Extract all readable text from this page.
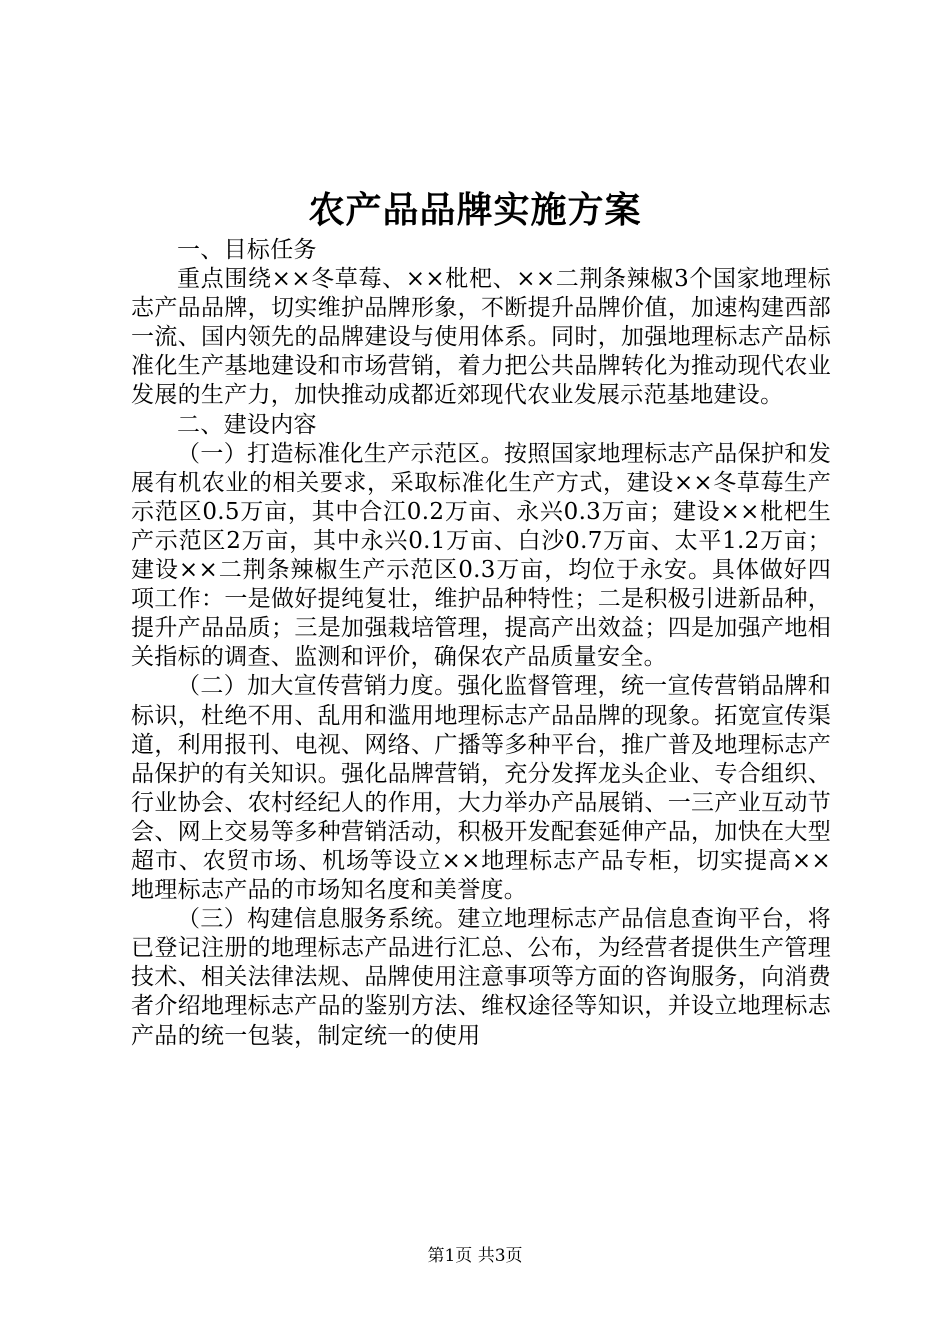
农产品品牌实施方案

一、目标任务

重点围绕××冬草莓、××枇杷、××二荆条辣椒3个国家地理标志产品品牌，切实维护品牌形象，不断提升品牌价值，加速构建西部一流、国内领先的品牌建设与使用体系。同时，加强地理标志产品标准化生产基地建设和市场营销，着力把公共品牌转化为推动现代农业发展的生产力，加快推动成都近郊现代农业发展示范基地建设。

二、建设内容

（一）打造标准化生产示范区。按照国家地理标志产品保护和发展有机农业的相关要求，采取标准化生产方式，建设××冬草莓生产示范区0.5万亩，其中合江0.2万亩、永兴0.3万亩；建设××枇杷生产示范区2万亩，其中永兴0.1万亩、白沙0.7万亩、太平1.2万亩；建设××二荆条辣椒生产示范区0.3万亩，均位于永安。具体做好四项工作：一是做好提纯复壮，维护品种特性；二是积极引进新品种，提升产品品质；三是加强栽培管理，提高产出效益；四是加强产地相关指标的调查、监测和评价，确保农产品质量安全。

（二）加大宣传营销力度。强化监督管理，统一宣传营销品牌和标识，杜绝不用、乱用和滥用地理标志产品品牌的现象。拓宽宣传渠道，利用报刊、电视、网络、广播等多种平台，推广普及地理标志产品保护的有关知识。强化品牌营销，充分发挥龙头企业、专合组织、行业协会、农村经纪人的作用，大力举办产品展销、一三产业互动节会、网上交易等多种营销活动，积极开发配套延伸产品，加快在大型超市、农贸市场、机场等设立××地理标志产品专柜，切实提高××地理标志产品的市场知名度和美誉度。

（三）构建信息服务系统。建立地理标志产品信息查询平台，将已登记注册的地理标志产品进行汇总、公布，为经营者提供生产管理技术、相关法律法规、品牌使用注意事项等方面的咨询服务，向消费者介绍地理标志产品的鉴别方法、维权途径等知识，并设立地理标志产品的统一包装，制定统一的使用

第1页 共3页
